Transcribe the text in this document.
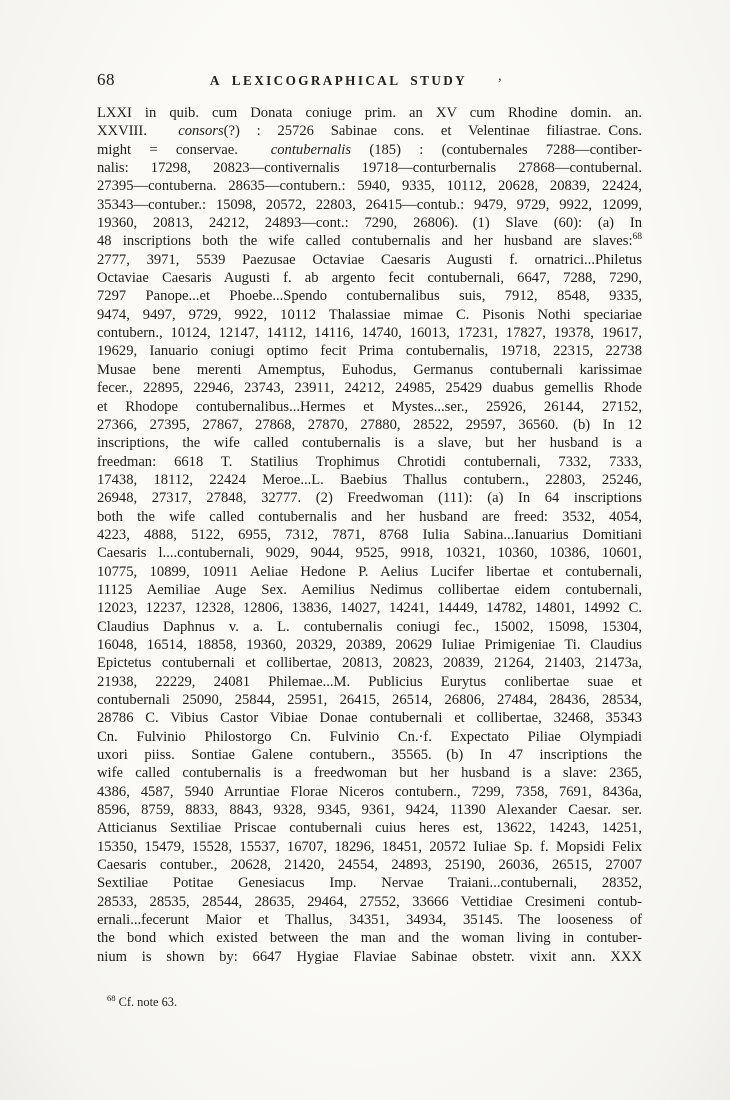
68	A LEXICOGRAPHICAL STUDY	,
LXXI in quib. cum Donata coniuge prim. an XV cum Rhodine domin. an.
XXVIII.  consors(?) : 25726 Sabinae cons. et Velentinae filiastrae. Cons.
might = conservae.  contubernalis (185) : (contubernales 7288—contiber-
nalis: 17298, 20823—contivernalis 19718—conturbernalis 27868—contubernal.
27395—contuberna. 28635—contubern.: 5940, 9335, 10112, 20628, 20839, 22424,
35343—contuber.: 15098, 20572, 22803, 26415—contub.: 9479, 9729, 9922, 12099,
19360, 20813, 24212, 24893—cont.: 7290, 26806). (1) Slave (60): (a) In
48 inscriptions both the wife called contubernalis and her husband are slaves:$^{68}$
2777, 3971, 5539 Paezusae Octaviae Caesaris Augusti f. ornatrici...Philetus
Octaviae Caesaris Augusti f. ab argento fecit contubernali, 6647, 7288, 7290,
7297 Panope...et Phoebe...Spendo contubernalibus suis, 7912, 8548, 9335,
9474, 9497, 9729, 9922, 10112 Thalassiae mimae C. Pisonis Nothi speciariae
contubern., 10124, 12147, 14112, 14116, 14740, 16013, 17231, 17827, 19378, 19617,
19629, Ianuario coniugi optimo fecit Prima contubernalis, 19718, 22315, 22738
Musae bene merenti Amemptus, Euhodus, Germanus contubernali karissimae
fecer., 22895, 22946, 23743, 23911, 24212, 24985, 25429 duabus gemellis Rhode
et Rhodope contubernalibus...Hermes et Mystes...ser., 25926, 26144, 27152,
27366, 27395, 27867, 27868, 27870, 27880, 28522, 29597, 36560. (b) In 12
inscriptions, the wife called contubernalis is a slave, but her husband is a
freedman: 6618 T. Statilius Trophimus Chrotidi contubernali, 7332, 7333,
17438, 18112, 22424 Meroe...L. Baebius Thallus contubern., 22803, 25246,
26948, 27317, 27848, 32777. (2) Freedwoman (111): (a) In 64 inscriptions
both the wife called contubernalis and her husband are freed: 3532, 4054,
4223, 4888, 5122, 6955, 7312, 7871, 8768 Iulia Sabina...Ianuarius Domitiani
Caesaris l....contubernali, 9029, 9044, 9525, 9918, 10321, 10360, 10386, 10601,
10775, 10899, 10911 Aeliae Hedone P. Aelius Lucifer libertae et contubernali,
11125 Aemiliae Auge Sex. Aemilius Nedimus collibertae eidem contubernali,
12023, 12237, 12328, 12806, 13836, 14027, 14241, 14449, 14782, 14801, 14992 C.
Claudius Daphnus v. a. L. contubernalis coniugi fec., 15002, 15098, 15304,
16048, 16514, 18858, 19360, 20329, 20389, 20629 Iuliae Primigeniae Ti. Claudius
Epictetus contubernali et collibertae, 20813, 20823, 20839, 21264, 21403, 21473a,
21938, 22229, 24081 Philemae...M. Publicius Eurytus conlibertae suae et
contubernali 25090, 25844, 25951, 26415, 26514, 26806, 27484, 28436, 28534,
28786 C. Vibius Castor Vibiae Donae contubernali et collibertae, 32468, 35343
Cn. Fulvinio Philostorgo Cn. Fulvinio Cn.·f. Expectato Piliae Olympiadi
uxori piiss. Sontiae Galene contubern., 35565. (b) In 47 inscriptions the
wife called contubernalis is a freedwoman but her husband is a slave: 2365,
4386, 4587, 5940 Arruntiae Florae Niceros contubern., 7299, 7358, 7691, 8436a,
8596, 8759, 8833, 8843, 9328, 9345, 9361, 9424, 11390 Alexander Caesar. ser.
Atticianus Sextiliae Priscae contubernali cuius heres est, 13622, 14243, 14251,
15350, 15479, 15528, 15537, 16707, 18296, 18451, 20572 Iuliae Sp. f. Mopsidi Felix
Caesaris contuber., 20628, 21420, 24554, 24893, 25190, 26036, 26515, 27007
Sextiliae Potitae Genesiacus Imp. Nervae Traiani...contubernali, 28352,
28533, 28535, 28544, 28635, 29464, 27552, 33666 Vettidiae Cresimeni contub-
ernali...fecerunt Maior et Thallus, 34351, 34934, 35145. The looseness of
the bond which existed between the man and the woman living in contuber-
nium is shown by: 6647 Hygiae Flaviae Sabinae obstetr. vixit ann. XXX
$^{68}$ Cf. note 63.
